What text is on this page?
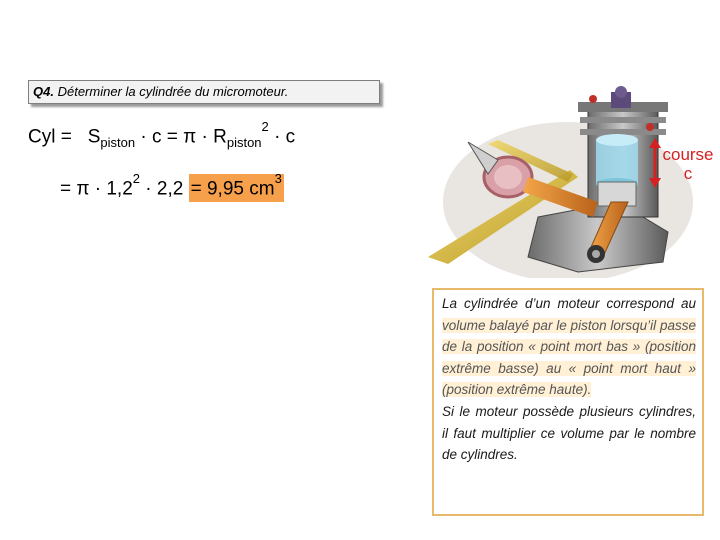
Q4. Déterminer la cylindrée du micromoteur.
Cyl = $S_{piston} \cdot c = \pi \cdot R_{piston}^2 \cdot c$
= $\pi \cdot 1,2^2 \cdot 2,2 = 9,95$ $cm^3$
course
c

La cylindrée d’un moteur correspond au volume balayé par le piston lorsqu’il passe de la position « point mort bas » (position extrême basse) au « point mort haut » (position extrême haute).

Si le moteur possède plusieurs cylindres, il faut multiplier ce volume par le nombre de cylindres.
